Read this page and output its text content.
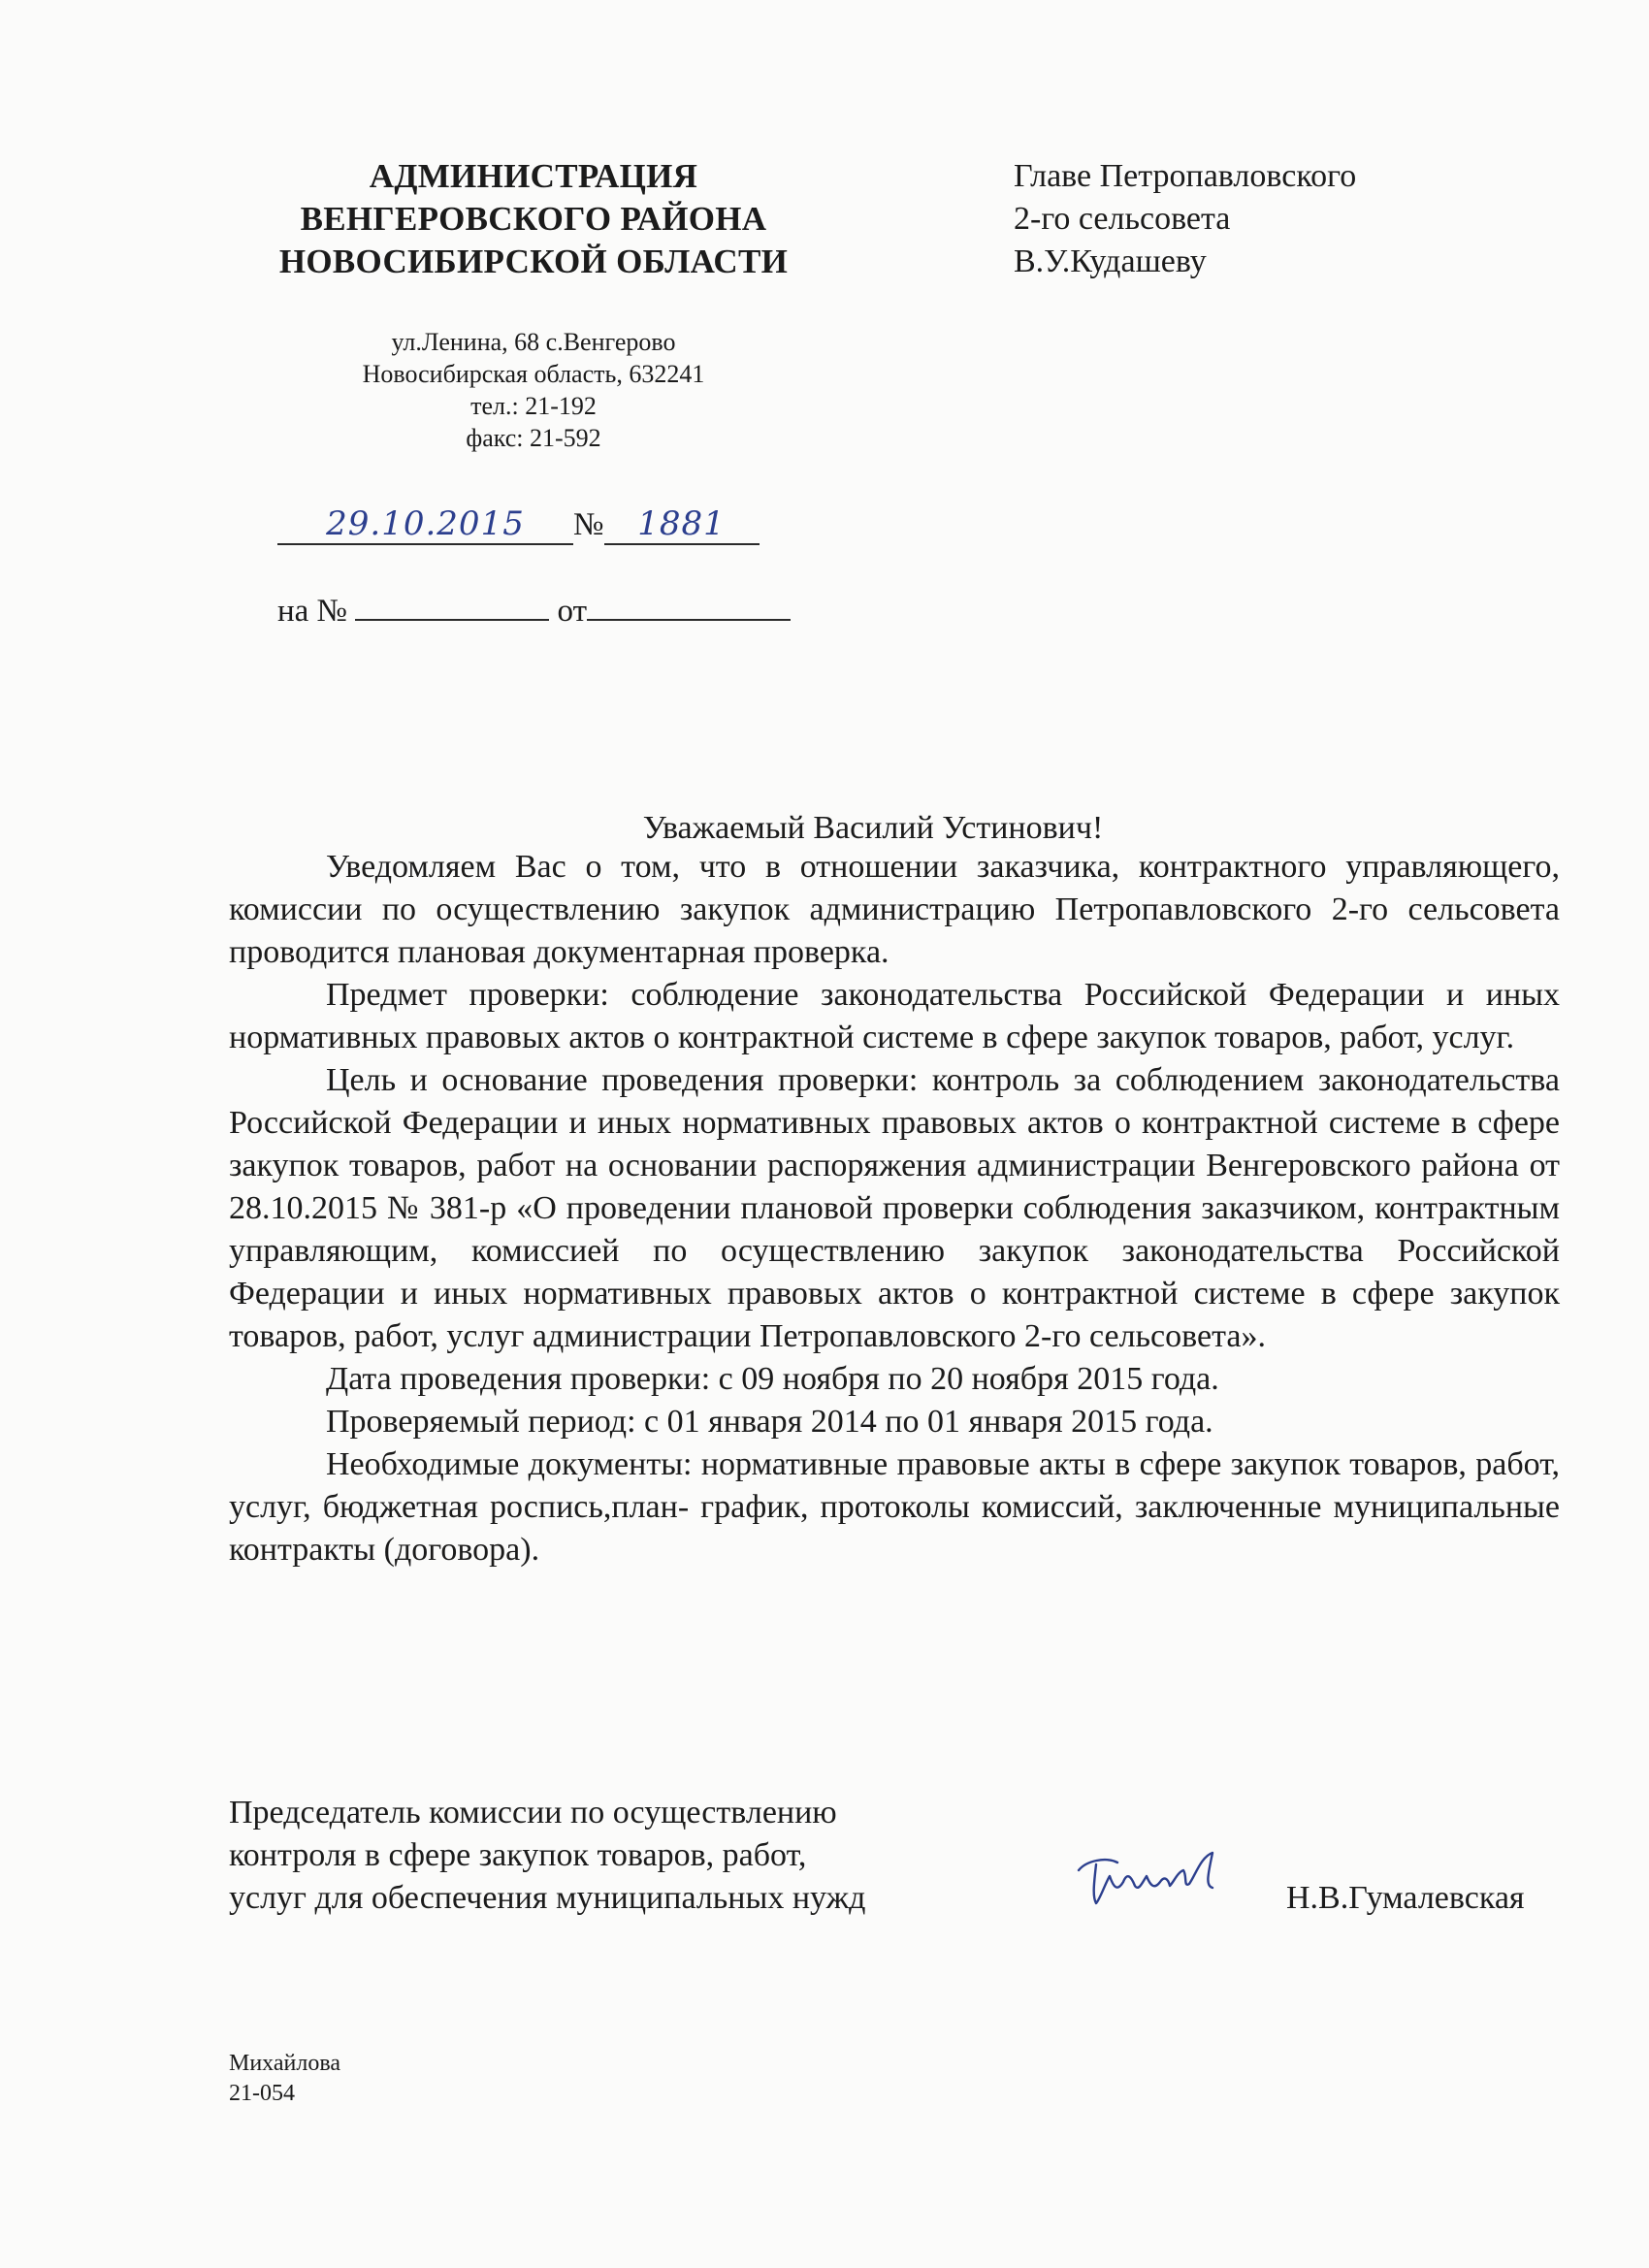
АДМИНИСТРАЦИЯ
ВЕНГЕРОВСКОГО РАЙОНА
НОВОСИБИРСКОЙ ОБЛАСТИ
ул.Ленина, 68 с.Венгерово
Новосибирская область, 632241
тел.: 21-192
факс: 21-592
29.10.2015 № 1881
на №	от
Главе Петропавловского
2-го сельсовета
В.У.Кудашеву
Уважаемый Василий Устинович!

Уведомляем Вас о том, что в отношении заказчика, контрактного управляющего, комиссии по осуществлению закупок администрацию Петропавловского 2-го сельсовета проводится плановая документарная проверка.

Предмет проверки: соблюдение законодательства Российской Федерации и иных нормативных правовых актов о контрактной системе в сфере закупок товаров, работ, услуг.

Цель и основание проведения проверки: контроль за соблюдением законодательства Российской Федерации и иных нормативных правовых актов о контрактной системе в сфере закупок товаров, работ на основании распоряжения администрации Венгеровского района от 28.10.2015 № 381-р «О проведении плановой проверки соблюдения заказчиком, контрактным управляющим, комиссией по осуществлению закупок законодательства Российской Федерации и иных нормативных правовых актов о контрактной системе в сфере закупок товаров, работ, услуг администрации Петропавловского 2-го сельсовета».

Дата проведения проверки: с 09 ноября по 20 ноября 2015 года.

Проверяемый период: с 01 января 2014 по 01 января 2015 года.

Необходимые документы: нормативные правовые акты в сфере закупок товаров, работ, услуг, бюджетная роспись,план- график, протоколы комиссий, заключенные муниципальные контракты (договора).

Председатель комиссии по осуществлению
контроля в сфере закупок товаров, работ,
услуг для обеспечения муниципальных нужд	Н.В.Гумалевская
Михайлова
21-054
